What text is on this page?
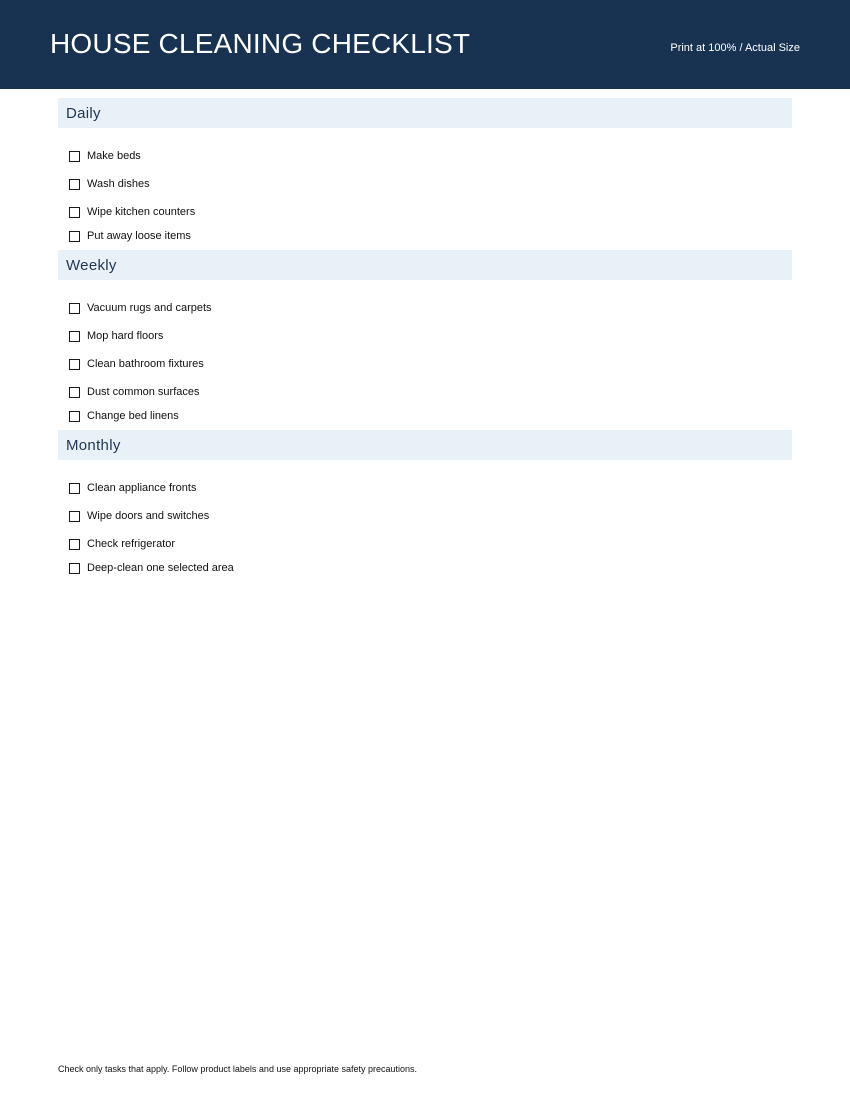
HOUSE CLEANING CHECKLIST	Print at 100% / Actual Size
Daily
Make beds
Wash dishes
Wipe kitchen counters
Put away loose items
Weekly
Vacuum rugs and carpets
Mop hard floors
Clean bathroom fixtures
Dust common surfaces
Change bed linens
Monthly
Clean appliance fronts
Wipe doors and switches
Check refrigerator
Deep-clean one selected area
Check only tasks that apply. Follow product labels and use appropriate safety precautions.
